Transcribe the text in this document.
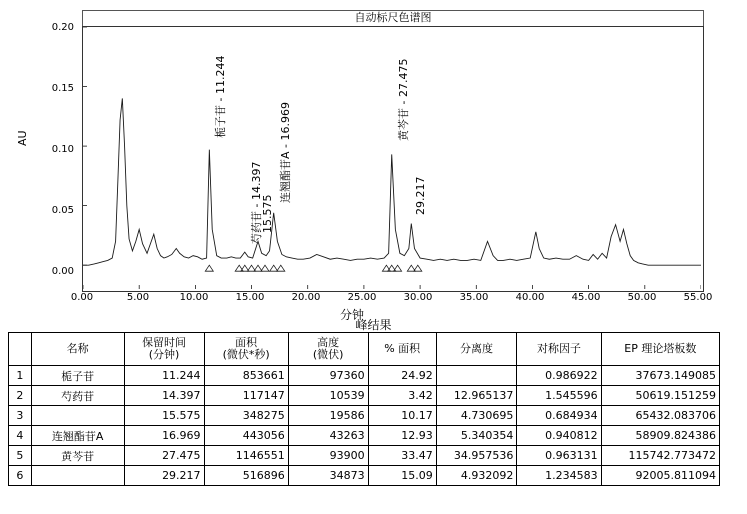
自动标尺色谱图
AU
0.20
0.15
0.10
0.05
0.00
0.00	5.00	10.00	15.00	20.00	25.00	30.00	35.00	40.00	45.00	50.00	55.00
分钟
栀子苷 - 11.244
芍药苷 - 14.397
15.575
连翘酯苷A - 16.969
黄芩苷 - 27.475
29.217
峰结果

名称	保留时间
(分钟)

面积
(微伏*秒)

高度
(微伏)	% 面积	分离度	对称因子	EP 理论塔板数

1	栀子苷	11.244	853661	97360	24.92		0.986922	37673.149085
2	芍药苷	14.397	117147	10539	3.42	12.965137	1.545596	50619.151259
3		15.575	348275	19586	10.17	4.730695	0.684934	65432.083706
4	连翘酯苷A	16.969	443056	43263	12.93	5.340354	0.940812	58909.824386
5	黄芩苷	27.475	1146551	93900	33.47	34.957536	0.963131	115742.773472
6		29.217	516896	34873	15.09	4.932092	1.234583	92005.811094
